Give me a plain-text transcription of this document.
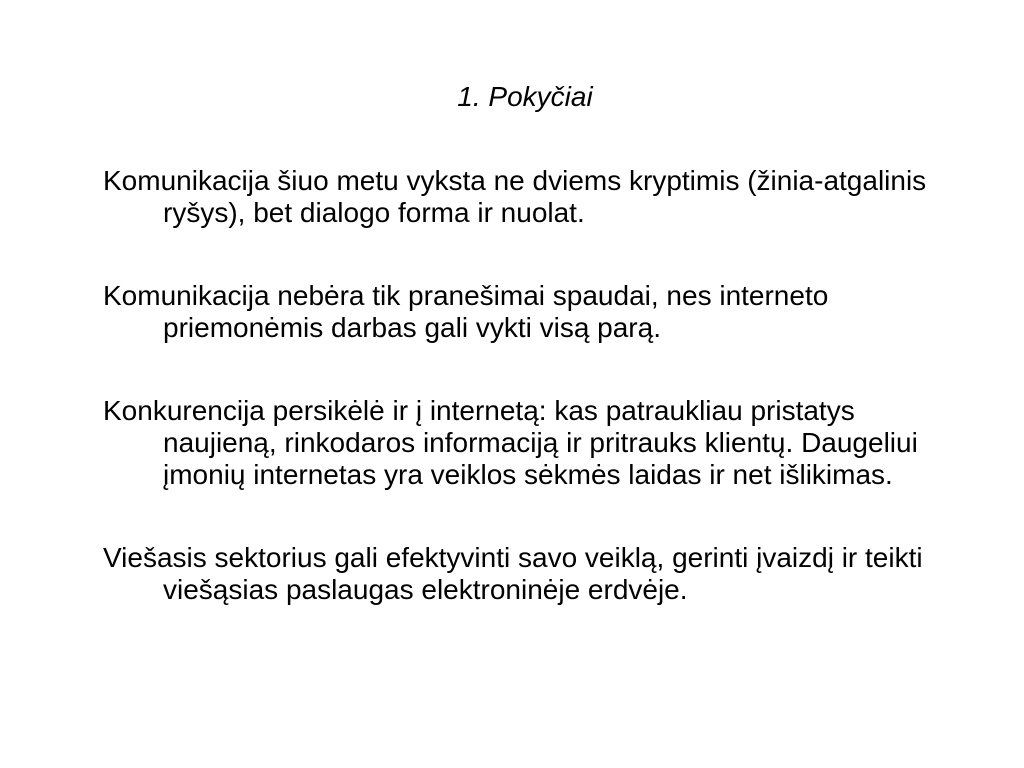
1. Pokyčiai

Komunikacija šiuo metu vyksta ne dviems kryptimis (žinia-atgalinis ryšys), bet dialogo forma ir nuolat.

Komunikacija nebėra tik pranešimai spaudai, nes interneto priemonėmis darbas gali vykti visą parą.

Konkurencija persikėlė ir į internetą: kas patraukliau pristatys naujieną, rinkodaros informaciją ir pritrauks klientų. Daugeliui įmonių internetas yra veiklos sėkmės laidas ir net išlikimas.

Viešasis sektorius gali efektyvinti savo veiklą, gerinti įvaizdį ir teikti viešąsias paslaugas elektroninėje erdvėje.
